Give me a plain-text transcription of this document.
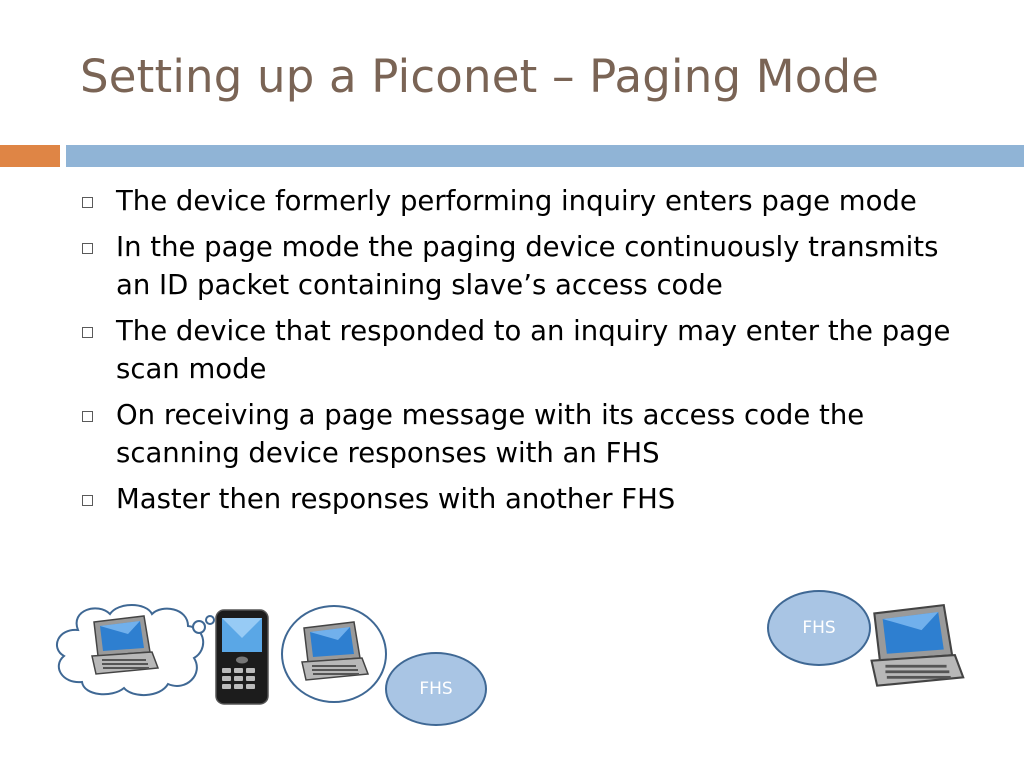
Setting up a Piconet – Paging Mode
The device formerly performing inquiry enters page mode
In the page mode the paging device continuously transmits an ID packet containing slave’s access code
The device that responded to an inquiry may enter the page scan mode
On receiving a page message with its access code the scanning device responses with an FHS
Master then responses with another FHS
FHS
FHS
